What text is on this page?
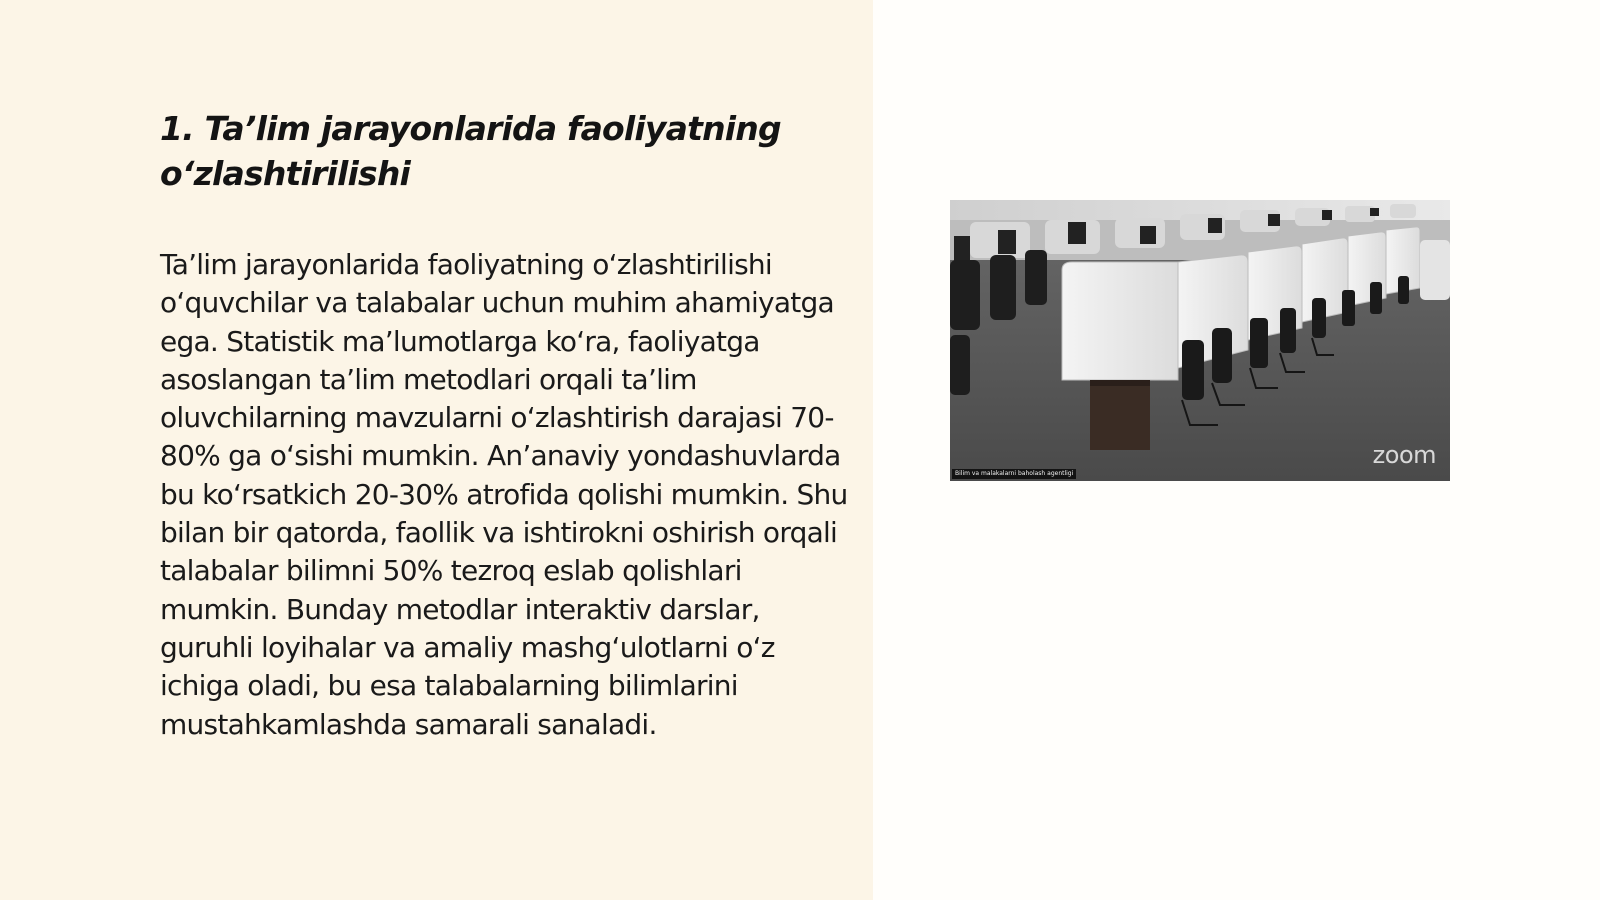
1. Ta’lim jarayonlarida faoliyatning o‘zlashtirilishi

Ta’lim jarayonlarida faoliyatning o‘zlashtirilishi o‘quvchilar va talabalar uchun muhim ahamiyatga ega. Statistik ma’lumotlarga ko‘ra, faoliyatga asoslangan ta’lim metodlari orqali ta’lim oluvchilarning mavzularni o‘zlashtirish darajasi 70-80% ga o‘sishi mumkin. An’anaviy yondashuvlarda bu ko‘rsatkich 20-30% atrofida qolishi mumkin. Shu bilan bir qatorda, faollik va ishtirokni oshirish orqali talabalar bilimni 50% tezroq eslab qolishlari mumkin. Bunday metodlar interaktiv darslar, guruhli loyihalar va amaliy mashg‘ulotlarni o‘z ichiga oladi, bu esa talabalarning bilimlarini mustahkamlashda samarali sanaladi.

zoom
Bilim va malakalarni baholash agentligi
